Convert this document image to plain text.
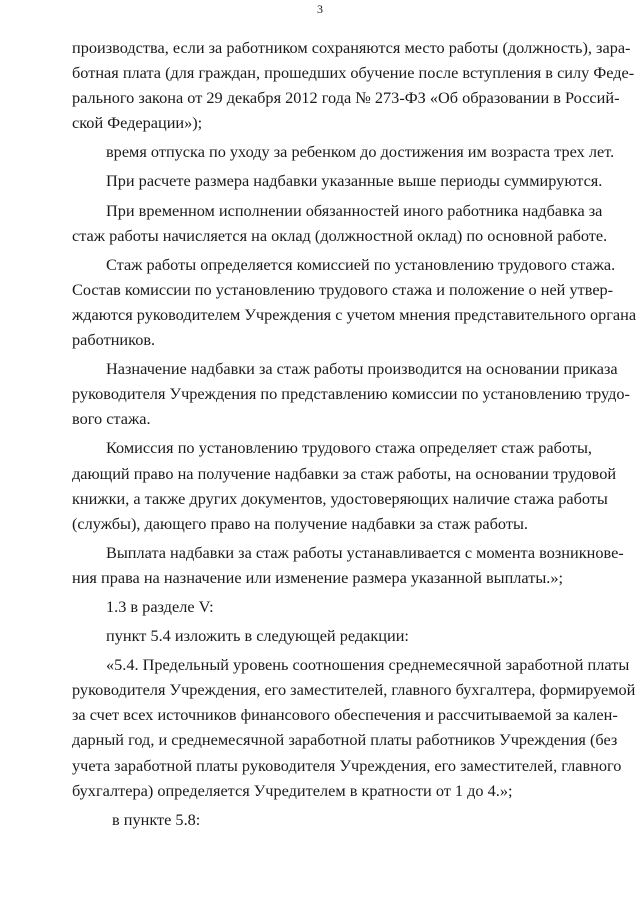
3
производства, если за работником сохраняются место работы (должность), зара-
ботная плата (для граждан, прошедших обучение после вступления в силу Феде-
рального закона от 29 декабря 2012 года № 273-ФЗ «Об образовании в Россий-
ской Федерации»);
время отпуска по уходу за ребенком до достижения им возраста трех лет.
При расчете размера надбавки указанные выше периоды суммируются.
При временном исполнении обязанностей иного работника надбавка за
стаж работы начисляется на оклад (должностной оклад) по основной работе.
Стаж работы определяется комиссией по установлению трудового стажа.
Состав комиссии по установлению трудового стажа и положение о ней утвер-
ждаются руководителем Учреждения с учетом мнения представительного органа
работников.
Назначение надбавки за стаж работы производится на основании приказа
руководителя Учреждения по представлению комиссии по установлению трудо-
вого стажа.
Комиссия по установлению трудового стажа определяет стаж работы,
дающий право на получение надбавки за стаж работы, на основании трудовой
книжки, а также других документов, удостоверяющих наличие стажа работы
(службы), дающего право на получение надбавки за стаж работы.
Выплата надбавки за стаж работы устанавливается с момента возникнове-
ния права на назначение или изменение размера указанной выплаты.»;
1.3 в разделе V:
пункт 5.4 изложить в следующей редакции:
«5.4. Предельный уровень соотношения среднемесячной заработной платы
руководителя Учреждения, его заместителей, главного бухгалтера, формируемой
за счет всех источников финансового обеспечения и рассчитываемой за кален-
дарный год, и среднемесячной заработной платы работников Учреждения (без
учета заработной платы руководителя Учреждения, его заместителей, главного
бухгалтера) определяется Учредителем в кратности от 1 до 4.»;
в пункте 5.8:
